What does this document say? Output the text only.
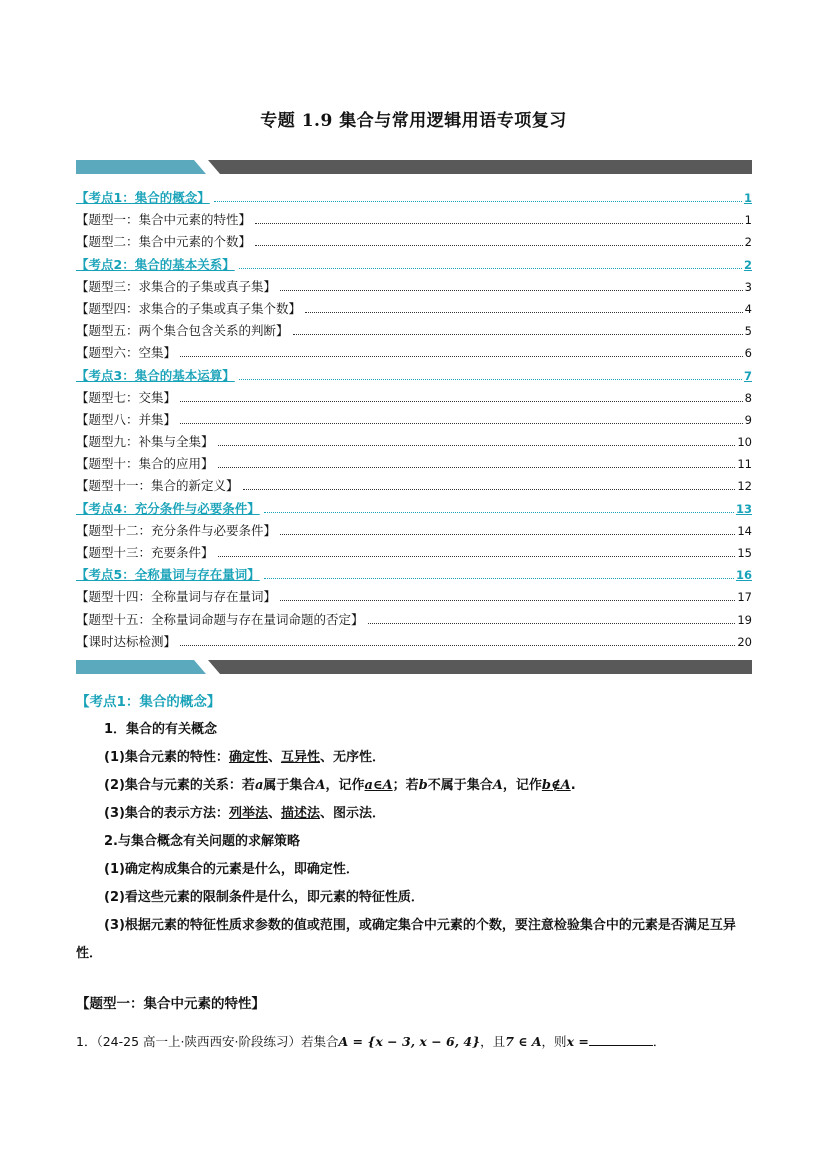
专题 1.9 集合与常用逻辑用语专项复习
【考点1：集合的概念】	1
【题型一：集合中元素的特性】	1
【题型二：集合中元素的个数】	2
【考点2：集合的基本关系】	2
【题型三：求集合的子集或真子集】	3
【题型四：求集合的子集或真子集个数】	4
【题型五：两个集合包含关系的判断】	5
【题型六：空集】	6
【考点3：集合的基本运算】	7
【题型七：交集】	8
【题型八：并集】	9
【题型九：补集与全集】	10
【题型十：集合的应用】	11
【题型十一：集合的新定义】	12
【考点4：充分条件与必要条件】	13
【题型十二：充分条件与必要条件】	14
【题型十三：充要条件】	15
【考点5：全称量词与存在量词】	16
【题型十四：全称量词与存在量词】	17
【题型十五：全称量词命题与存在量词命题的否定】	19
【课时达标检测】	20
【考点1：集合的概念】
1．集合的有关概念
(1)集合元素的特性：确定性、互异性、无序性．
(2)集合与元素的关系：若a属于集合A，记作a∈A；若b不属于集合A，记作b∉A.
(3)集合的表示方法：列举法、描述法、图示法．
2.与集合概念有关问题的求解策略
(1)确定构成集合的元素是什么，即确定性．
(2)看这些元素的限制条件是什么，即元素的特征性质．
(3)根据元素的特征性质求参数的值或范围，或确定集合中元素的个数，要注意检验集合中的元素是否满足互异性．
【题型一：集合中元素的特性】
1．（24-25 高一上·陕西西安·阶段练习）若集合A = {x − 3, x − 6, 4}，且7 ∈ A，则x =	．
